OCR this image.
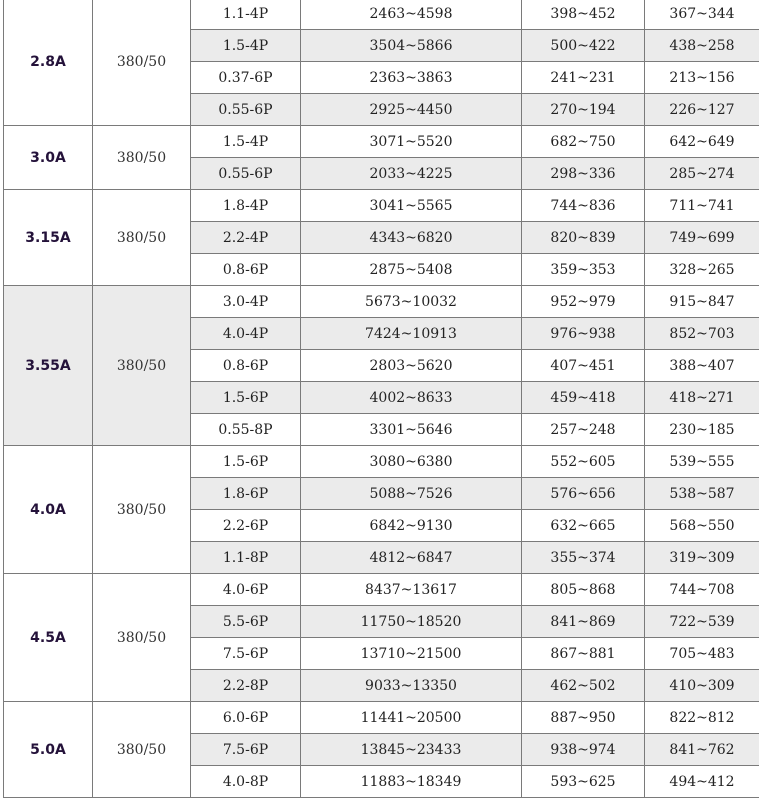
2.8A	380/50	1.1-4P	2463~4598	398~452	367~344
		1.5-4P	3504~5866	500~422	438~258
		0.37-6P	2363~3863	241~231	213~156
		0.55-6P	2925~4450	270~194	226~127
3.0A	380/50	1.5-4P	3071~5520	682~750	642~649
		0.55-6P	2033~4225	298~336	285~274
3.15A	380/50	1.8-4P	3041~5565	744~836	711~741
		2.2-4P	4343~6820	820~839	749~699
		0.8-6P	2875~5408	359~353	328~265
3.55A	380/50	3.0-4P	5673~10032	952~979	915~847
		4.0-4P	7424~10913	976~938	852~703
		0.8-6P	2803~5620	407~451	388~407
		1.5-6P	4002~8633	459~418	418~271
		0.55-8P	3301~5646	257~248	230~185
4.0A	380/50	1.5-6P	3080~6380	552~605	539~555
		1.8-6P	5088~7526	576~656	538~587
		2.2-6P	6842~9130	632~665	568~550
		1.1-8P	4812~6847	355~374	319~309
4.5A	380/50	4.0-6P	8437~13617	805~868	744~708
		5.5-6P	11750~18520	841~869	722~539
		7.5-6P	13710~21500	867~881	705~483
		2.2-8P	9033~13350	462~502	410~309
5.0A	380/50	6.0-6P	11441~20500	887~950	822~812
		7.5-6P	13845~23433	938~974	841~762
		4.0-8P	11883~18349	593~625	494~412
